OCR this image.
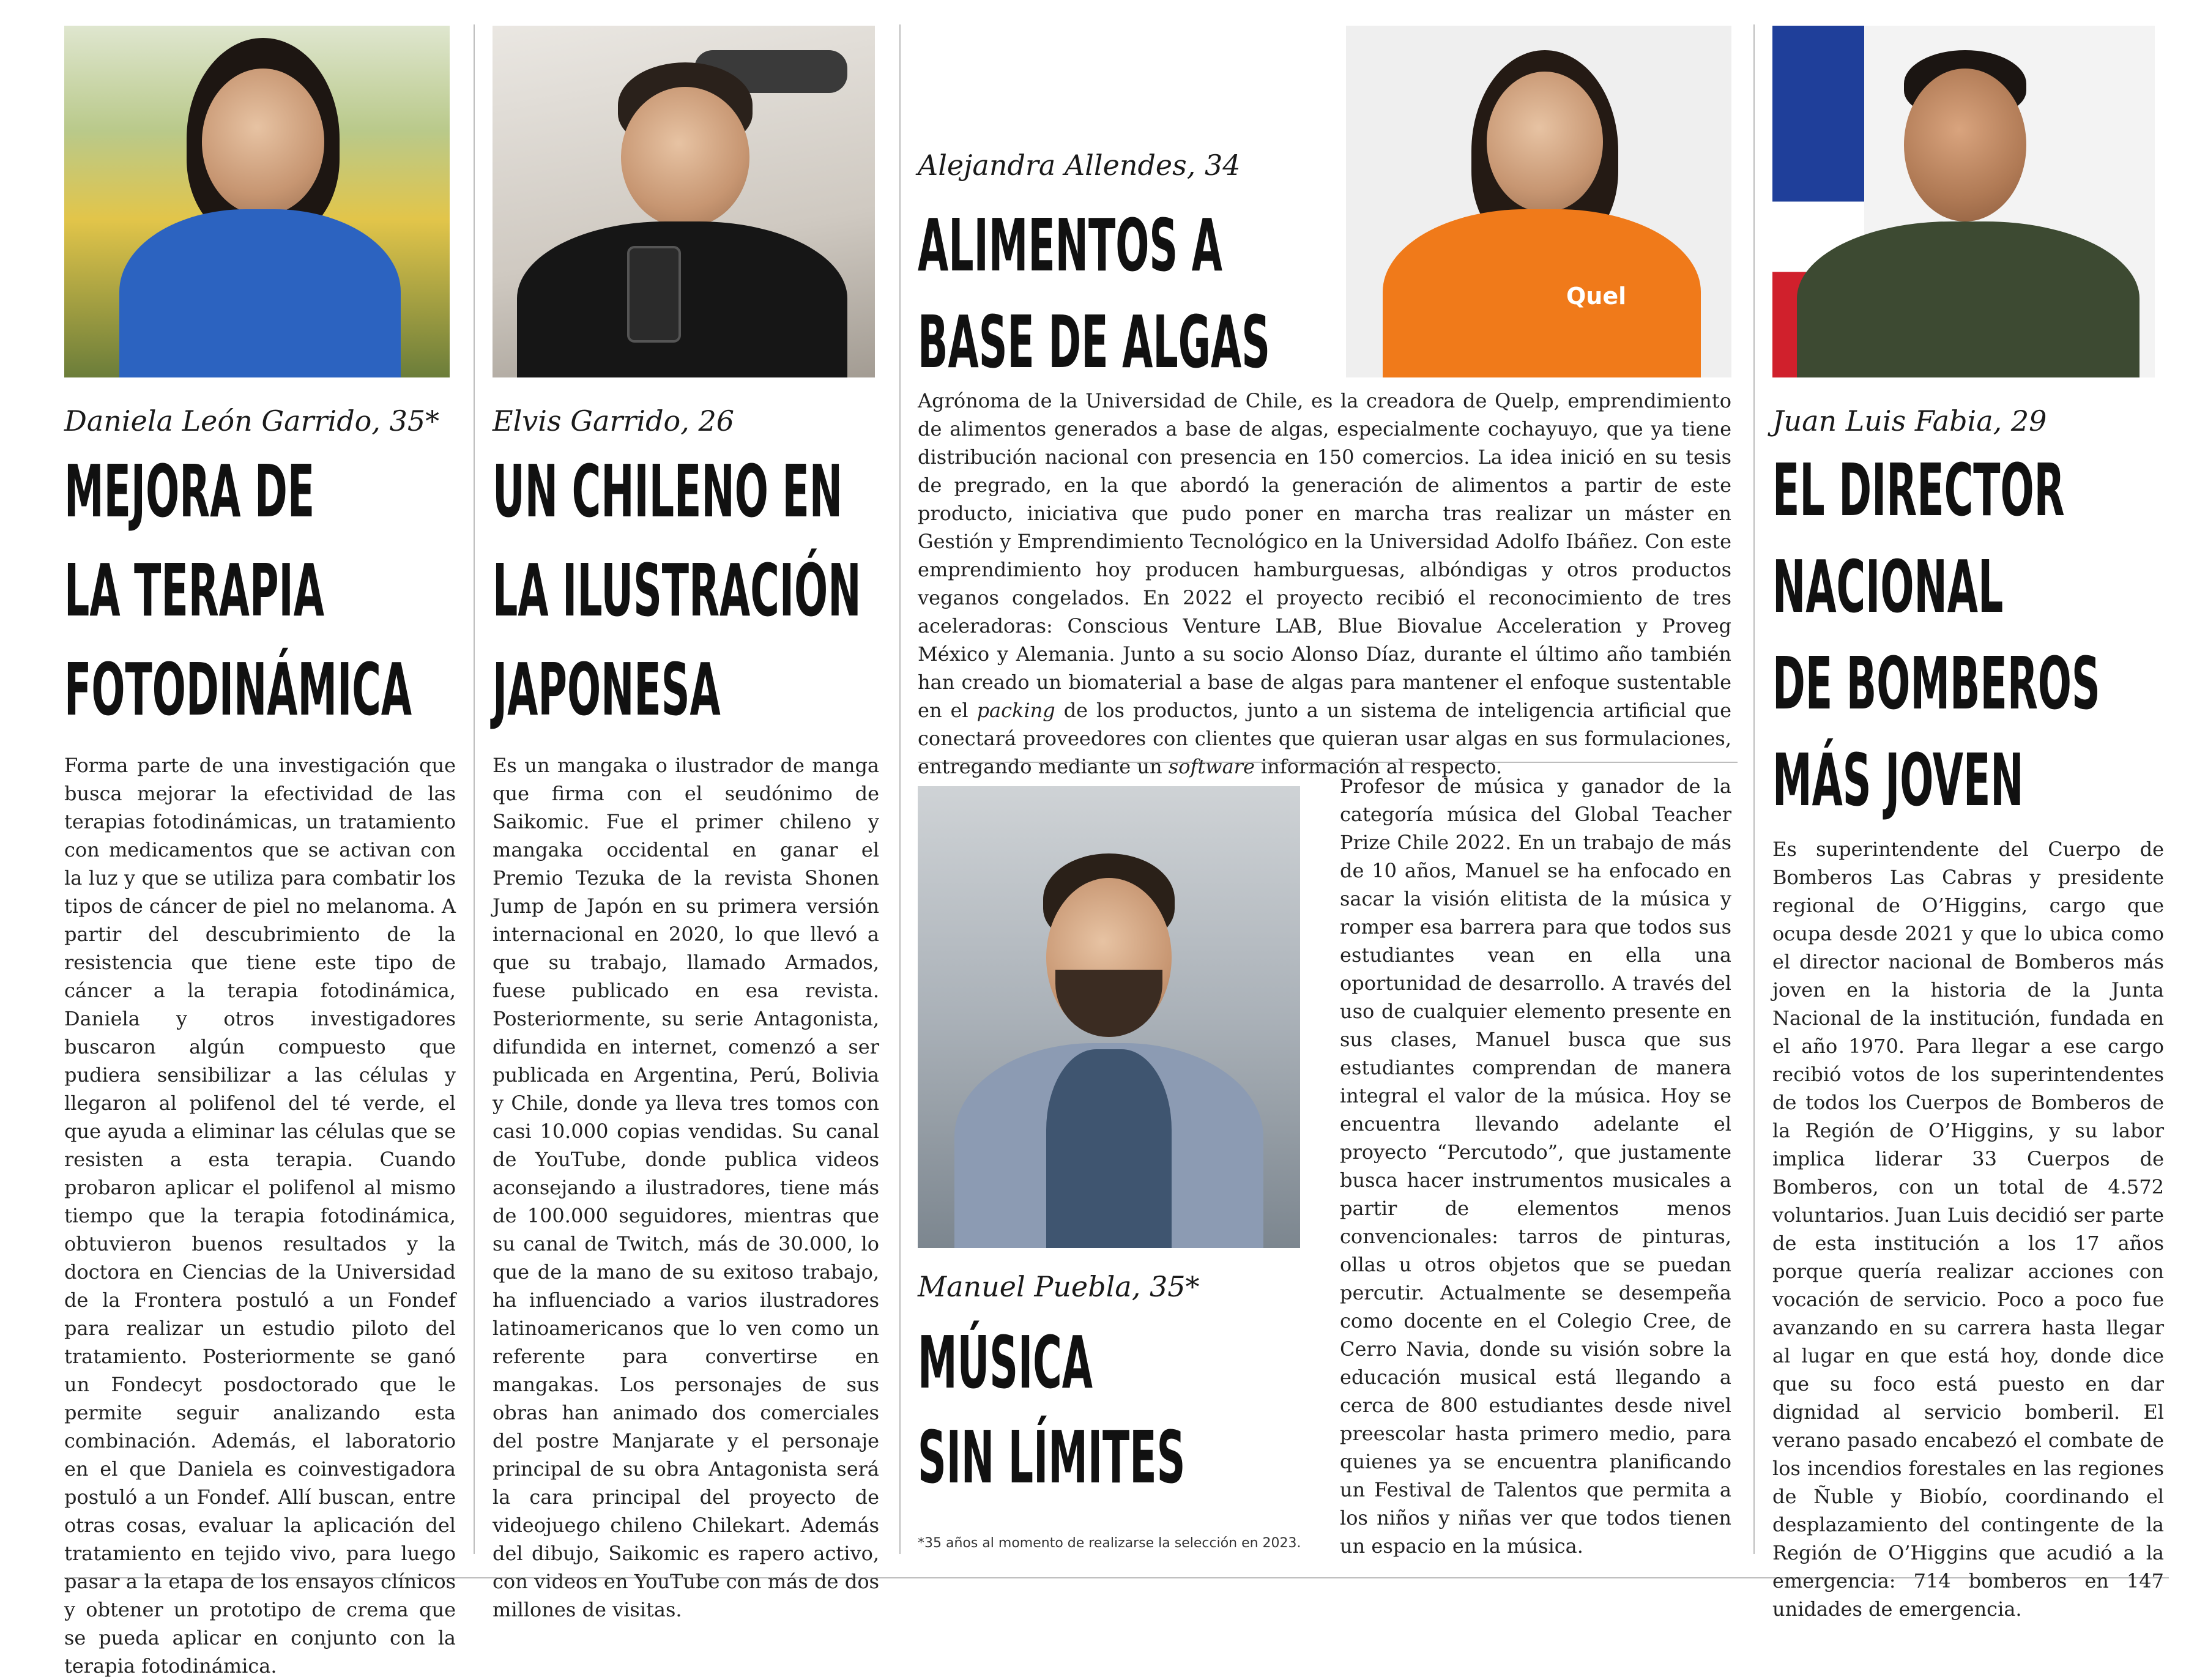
Daniela León Garrido, 35*
MEJORA DE
LA TERAPIA
FOTODINÁMICA

Forma parte de una investigación que busca mejorar la efectividad de las terapias fotodinámicas, un tratamiento con medicamentos que se activan con la luz y que se utiliza para combatir los tipos de cáncer de piel no melanoma. A partir del descubrimiento de la resistencia que tiene este tipo de cáncer a la terapia fotodinámica, Daniela y otros investigadores buscaron algún compuesto que pudiera sensibilizar a las células y llegaron al polifenol del té verde, el que ayuda a eliminar las células que se resisten a esta terapia. Cuando probaron aplicar el polifenol al mismo tiempo que la terapia fotodinámica, obtuvieron buenos resultados y la doctora en Ciencias de la Universidad de la Frontera postuló a un Fondef para realizar un estudio piloto del tratamiento. Posteriormente se ganó un Fondecyt posdoctorado que le permite seguir analizando esta combinación. Además, el laboratorio en el que Daniela es coinvestigadora postuló a un Fondef. Allí buscan, entre otras cosas, evaluar la aplicación del tratamiento en tejido vivo, para luego pasar a la etapa de los ensayos clínicos y obtener un prototipo de crema que se pueda aplicar en conjunto con la terapia fotodinámica.

Elvis Garrido, 26
UN CHILENO EN
LA ILUSTRACIÓN
JAPONESA

Es un mangaka o ilustrador de manga que firma con el seudónimo de Saikomic. Fue el primer chileno y mangaka occidental en ganar el Premio Tezuka de la revista Shonen Jump de Japón en su primera versión internacional en 2020, lo que llevó a que su trabajo, llamado Armados, fuese publicado en esa revista. Posteriormente, su serie Antagonista, difundida en internet, comenzó a ser publicada en Argentina, Perú, Bolivia y Chile, donde ya lleva tres tomos con casi 10.000 copias vendidas. Su canal de YouTube, donde publica videos aconsejando a ilustradores, tiene más de 100.000 seguidores, mientras que su canal de Twitch, más de 30.000, lo que de la mano de su exitoso trabajo, ha influenciado a varios ilustradores latinoamericanos que lo ven como un referente para convertirse en mangakas. Los personajes de sus obras han animado dos comerciales del postre Manjarate y el personaje principal de su obra Antagonista será la cara principal del proyecto de videojuego chileno Chilekart. Además del dibujo, Saikomic es rapero activo, con videos en YouTube con más de dos millones de visitas.

Alejandra Allendes, 34
ALIMENTOS A
BASE DE ALGAS
Quel

Agrónoma de la Universidad de Chile, es la creadora de Quelp, emprendimiento de alimentos generados a base de algas, especialmente cochayuyo, que ya tiene distribución nacional con presencia en 150 comercios. La idea inició en su tesis de pregrado, en la que abordó la generación de alimentos a partir de este producto, iniciativa que pudo poner en marcha tras realizar un máster en Gestión y Emprendimiento Tecnológico en la Universidad Adolfo Ibáñez. Con este emprendimiento hoy producen hamburguesas, albóndigas y otros productos veganos congelados. En 2022 el proyecto recibió el reconocimiento de tres aceleradoras: Conscious Venture LAB, Blue Biovalue Acceleration y Proveg México y Alemania. Junto a su socio Alonso Díaz, durante el último año también han creado un biomaterial a base de algas para mantener el enfoque sustentable en el packing de los productos, junto a un sistema de inteligencia artificial que conectará proveedores con clientes que quieran usar algas en sus formulaciones, entregando mediante un software información al respecto.

Manuel Puebla, 35*
MÚSICA
SIN LÍMITES

Profesor de música y ganador de la categoría música del Global Teacher Prize Chile 2022. En un trabajo de más de 10 años, Manuel se ha enfocado en sacar la visión elitista de la música y romper esa barrera para que todos sus estudiantes vean en ella una oportunidad de desarrollo. A través del uso de cualquier elemento presente en sus clases, Manuel busca que sus estudiantes comprendan de manera integral el valor de la música. Hoy se encuentra llevando adelante el proyecto “Percutodo”, que justamente busca hacer instrumentos musicales a partir de elementos menos convencionales: tarros de pinturas, ollas u otros objetos que se puedan percutir. Actualmente se desempeña como docente en el Colegio Cree, de Cerro Navia, donde su visión sobre la educación musical está llegando a cerca de 800 estudiantes desde nivel preescolar hasta primero medio, para quienes ya se encuentra planificando un Festival de Talentos que permita a los niños y niñas ver que todos tienen un espacio en la música.

*35 años al momento de realizarse la selección en 2023.
Juan Luis Fabia, 29
EL DIRECTOR
NACIONAL
DE BOMBEROS
MÁS JOVEN

Es superintendente del Cuerpo de Bomberos Las Cabras y presidente regional de O’Higgins, cargo que ocupa desde 2021 y que lo ubica como el director nacional de Bomberos más joven en la historia de la Junta Nacional de la institución, fundada en el año 1970. Para llegar a ese cargo recibió votos de los superintendentes de todos los Cuerpos de Bomberos de la Región de O’Higgins, y su labor implica liderar 33 Cuerpos de Bomberos, con un total de 4.572 voluntarios. Juan Luis decidió ser parte de esta institución a los 17 años porque quería realizar acciones con vocación de servicio. Poco a poco fue avanzando en su carrera hasta llegar al lugar en que está hoy, donde dice que su foco está puesto en dar dignidad al servicio bomberil. El verano pasado encabezó el combate de los incendios forestales en las regiones de Ñuble y Biobío, coordinando el desplazamiento del contingente de la Región de O’Higgins que acudió a la emergencia: 714 bomberos en 147 unidades de emergencia.
